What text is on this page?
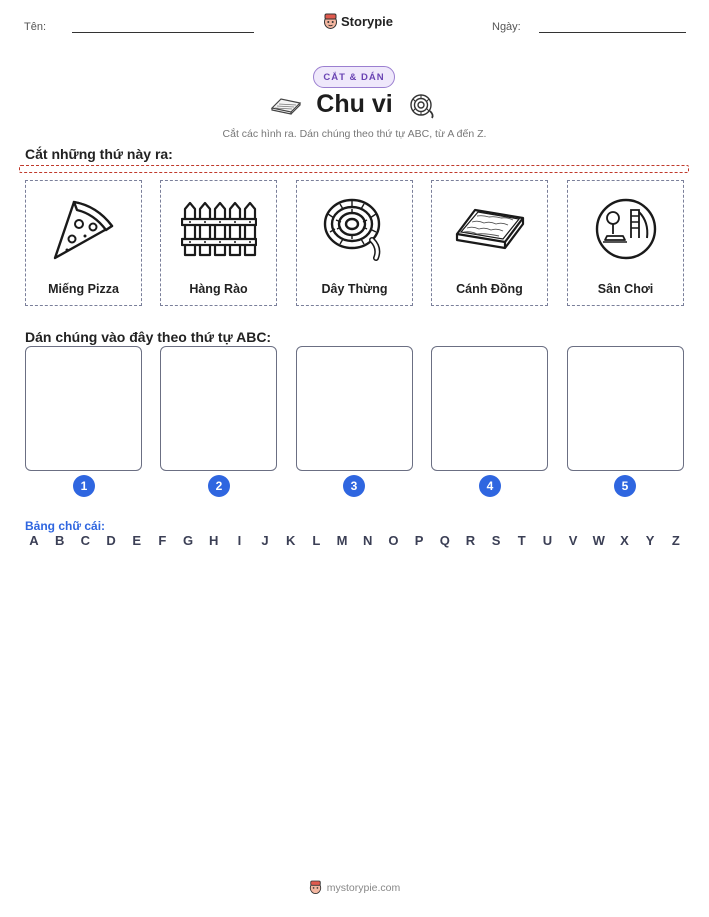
Tên:	Storypie	Ngày:
CẮT & DÁN
Chu vi
Cắt các hình ra. Dán chúng theo thứ tự ABC, từ A đến Z.
Cắt những thứ này ra:
Miếng Pizza	Hàng Rào	Dây Thừng	Cánh Đồng	Sân Chơi
Dán chúng vào đây theo thứ tự ABC:
1	2	3	4	5
Bảng chữ cái:
A	B	C	D	E	F	G	H	I	J	K	L	M	N	O	P	Q	R	S	T	U	V	W	X	Y	Z
mystorypie.com
